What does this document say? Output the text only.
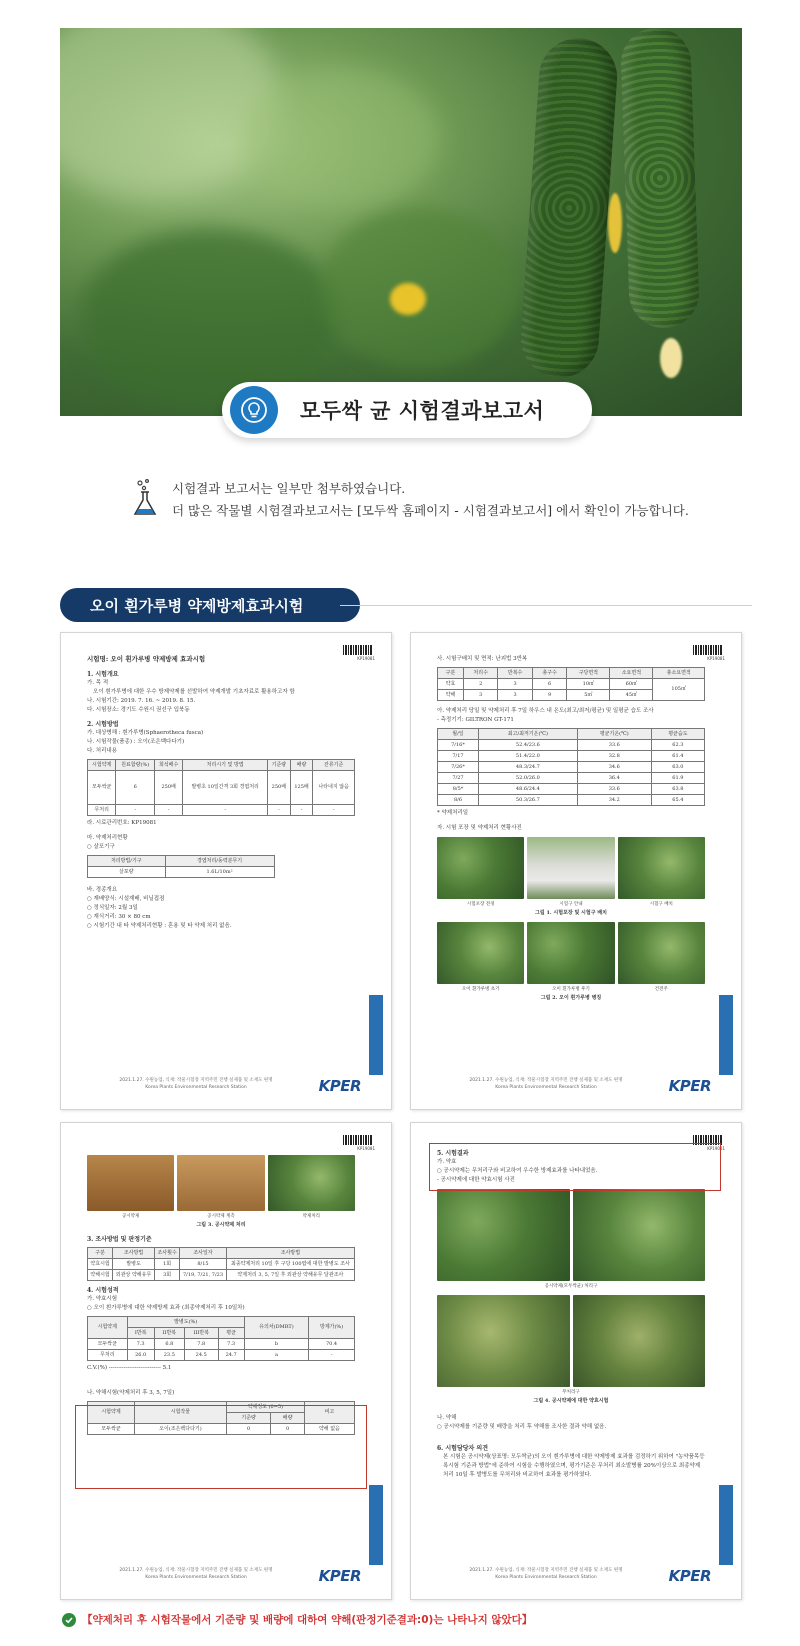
모두싹 균 시험결과보고서
시험결과 보고서는 일부만 첨부하였습니다.
더 많은 작물별 시험결과보고서는 [모두싹 홈페이지 - 시험결과보고서] 에서 확인이 가능합니다.
오이 흰가루병 약제방제효과시험
KP19081

시험명: 오이 흰가루병 약제방제 효과시험

1. 시험개요

가. 목 적

오이 흰가루병에 대한 우수 방제약제를 선발하여 약제개발 기초자료로 활용하고자 함

나. 시험기간: 2019. 7. 16. ~ 2019. 8. 15.

다. 시험장소: 경기도 수원시 권선구 입북동

2. 시험방법

가. 대상병해 : 흰가루병(Sphaerotheca fusca)

나. 시험작물(품종) : 오이(조은백다다기)

다. 처리내용

시험약제	원료함량(%)	희석배수	처리시기 및 방법	기준량	배량	잔류기준
모두싹균	6	250배	발병초 10일간격 3회 경엽처리	250배	125배	나타내지 않음
무처리	-	-	-	-	-	-

라. 시료관리번호: KP19081

마. 약제처리현황

○ 살포기구

처리방법/기구	경엽처리/동력분무기
살포량	1.6L/10m²

바. 경종개요

○ 재배양식: 시설재배, 비닐접점

○ 정식일자: 2월 3일

○ 재식거리: 30 × 80 cm

○ 시험기간 내 타 약제처리현황 : 혼용 및 타 약제 처리 없음.

2021.1.27. 수원농업, 식재: 작물시험장 지역주민 진행 실제품 및 소재도 편명
Korea Plants Environmental Research Station	KPER
KP19081

사. 시험구배치 및 면적: 난괴법 3반복

구분	처리수	반복수	총구수	구당면적	소요면적	총소요면적
약효	2	3	6	10㎡	60㎡	105㎡
약해	3	3	9	5㎡	45㎡	

아. 약제처리 당일 및 약제처리 후 7일 하우스 내 온도(최고/최저/평균) 및 일평균 습도 조사

- 측정기기: GILTRON GT-171

월/일	최고/최저기온(℃)	평균기온(℃)	평균습도
7/16*	52.4/23.6	33.6	62.3
7/17	51.4/22.0	32.8	61.4
7/26*	48.3/24.7	34.6	63.0
7/27	52.0/26.0	36.4	61.9
8/5*	48.6/24.4	33.6	63.8
8/6	50.3/26.7	34.2	65.4

* 약제처리일

자. 시험 포장 및 약제처리 현황사진

시험포장 전경	시험구 안내	시험구 배치

그림 1. 시험포장 및 시험구 배치

오이 흰가루병 초기	오이 흰가루병 후기	건전주

그림 2. 오이 흰가루병 병징

2021.1.27. 수원농업, 식재: 작물시험장 지역주민 진행 실제품 및 소재도 편명
Korea Plants Environmental Research Station	KPER
KP19081
공시약제	공시약제 계측	약제처리

그림 3. 공시약제 처리

3. 조사방법 및 판정기준

구분	조사방법	조사횟수	조사일자	조사방법
약효시험	발병도	1회	8/15	최종약제처리 10일 후 구당 100엽에 대한 발병도 조사
약해시험	외관상 약해유무	3회	7/19, 7/21, 7/23	약제처리 3, 5, 7일 후 외관상 약해유무 달관조사

4. 시험성적

가. 약효시험

○ 오이 흰가루병에 대한 약제방제 효과 (최종약제처리 후 10일차)

시험약제	발병도(%)				유의차(DMRT)	방제가(%)
	I반복	II반복	III반복	평균		
모두싹균	7.3	6.8	7.8	7.3	b	70.4
무처리	26.0	23.5	24.5	24.7	a	-

C.V.(%) ---------------------------- 5.1

나. 약해시험(약제처리 후 3, 5, 7일)

시험약제	시험작물	약해정도 (0~5)		비고
		기준량	배량	
모두싹균	오이(조은백다다기)	0	0	약해 없음
2021.1.27. 수원농업, 식재: 작물시험장 지역주민 진행 실제품 및 소재도 편명
Korea Plants Environmental Research Station	KPER
KP19081

5. 시험결과

가. 약효

○ 공시약제는 무처리구와 비교하여 우수한 방제효과를 나타내었음.

- 공시약제에 대한 약효시험 사진

공시약제(모두싹균) 처리구
무처리구

그림 4. 공시약제에 대한 약효시험

나. 약해

○ 공시약제를 기준량 및 배량을 처리 후 약해를 조사한 결과 약해 없음.

6. 시험담당자 의견

본 시험은 공시약제(상표명: 모두싹균)의 오이 흰가루병에 대한 약제방제 효과를 검정하기 위하여 "농약품목등록시험 기준과 방법"에 준하여 시험을 수행하였으며, 평가기준은 무처리 최소발병률 20%이상으로 최종약제처리 10일 후 발병도를 무처리와 비교하여 효과를 평가하였다.

2021.1.27. 수원농업, 식재: 작물시험장 지역주민 진행 실제품 및 소재도 편명
Korea Plants Environmental Research Station	KPER
【약제처리 후 시험작물에서 기준량 및 배량에 대하여 약해(판정기준결과:0)는 나타나지 않았다】
